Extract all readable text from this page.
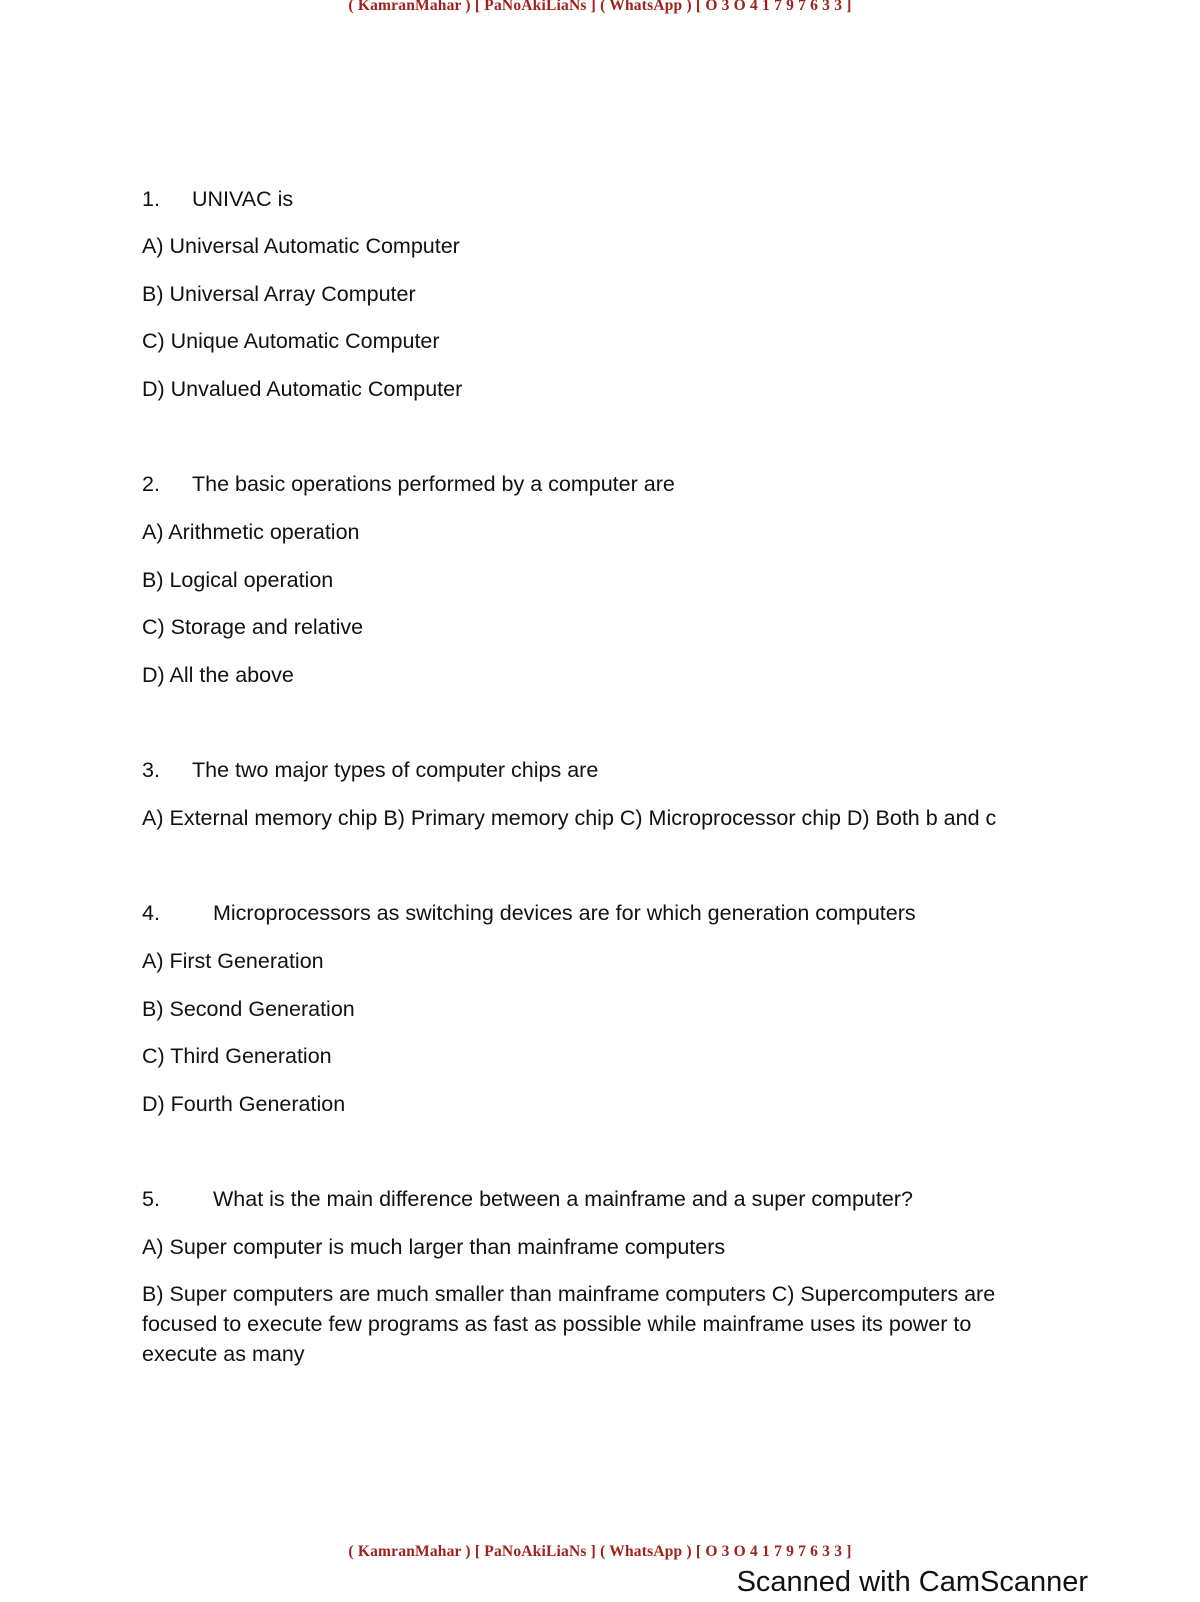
( KamranMahar ) [ PaNoAkiLiaNs ] ( WhatsApp ) [ O 3 O 4 1 7 9 7 6 3 3 ]
1. UNIVAC is
A) Universal Automatic Computer
B) Universal Array Computer
C) Unique Automatic Computer
D) Unvalued Automatic Computer
2. The basic operations performed by a computer are
A) Arithmetic operation
B) Logical operation
C) Storage and relative
D) All the above
3. The two major types of computer chips are
A) External memory chip B) Primary memory chip C) Microprocessor chip D) Both b and c
4. Microprocessors as switching devices are for which generation computers
A) First Generation
B) Second Generation
C) Third Generation
D) Fourth Generation
5. What is the main difference between a mainframe and a super computer?
A) Super computer is much larger than mainframe computers
B) Super computers are much smaller than mainframe computers C) Supercomputers are focused to execute few programs as fast as possible while mainframe uses its power to execute as many
( KamranMahar ) [ PaNoAkiLiaNs ] ( WhatsApp ) [ O 3 O 4 1 7 9 7 6 3 3 ]
Scanned with CamScanner
